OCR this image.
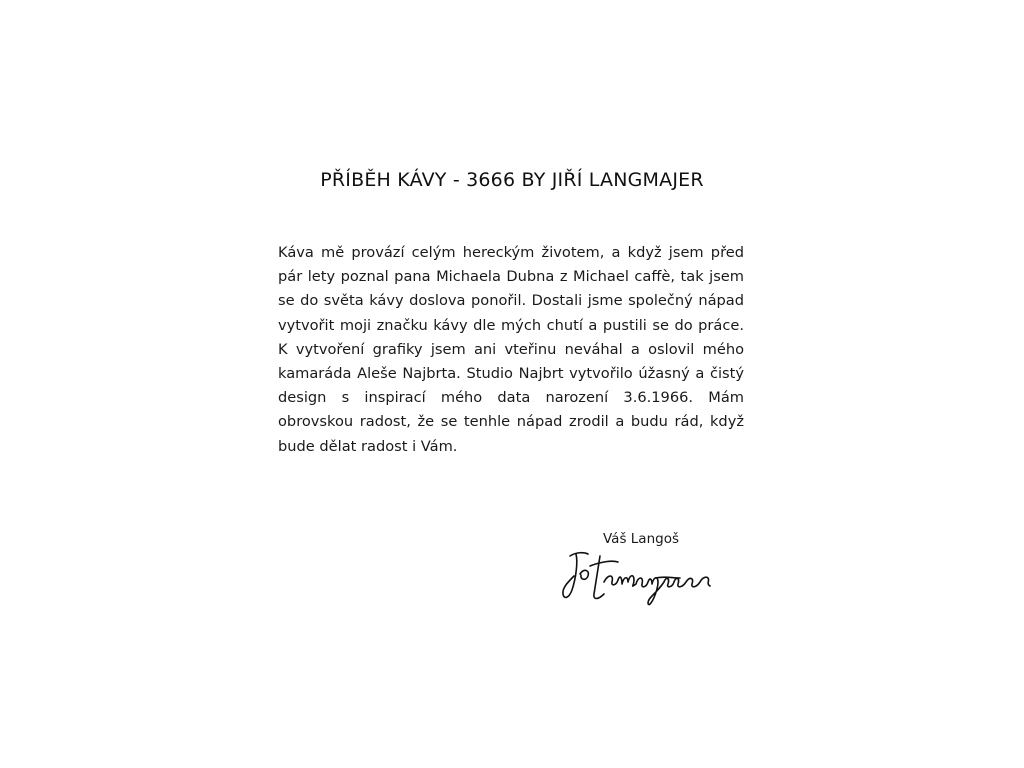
PŘÍBĚH KÁVY - 3666 BY JIŘÍ LANGMAJER

Káva mě provází celým hereckým životem, a když jsem před pár lety poznal pana Michaela Dubna z Michael caffè, tak jsem se do světa kávy doslova ponořil. Dostali jsme společný nápad vytvořit moji značku kávy dle mých chutí a pustili se do práce. K vytvoření grafiky jsem ani vteřinu neváhal a oslovil mého kamaráda Aleše Najbrta. Studio Najbrt vytvořilo úžasný a čistý design s inspirací mého data narození 3.6.1966. Mám obrovskou radost, že se tenhle nápad zrodil a budu rád, když bude dělat radost i Vám.

Váš Langoš
